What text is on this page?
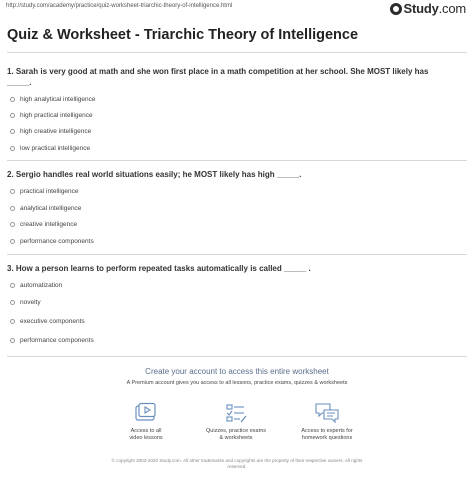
http://study.com/academy/practice/quiz-worksheet-triarchic-theory-of-intelligence.html	Study.com
Quiz & Worksheet - Triarchic Theory of Intelligence
1. Sarah is very good at math and she won first place in a math competition at her school. She MOST likely has
_____.
high analytical intelligence
high practical intelligence
high creative intelligence
low practical intelligence
2. Sergio handles real world situations easily; he MOST likely has high _____.
practical intelligence
analytical intelligence
creative intelligence
performance components
3. How a person learns to perform repeated tasks automatically is called _____ .
automatization
novelty
executive components
performance components
Create your account to access this entire worksheet
A Premium account gives you access to all lessons, practice exams, quizzes & worksheets
Access to all
video lessons
Quizzes, practice exams
& worksheets
Access to experts for
homework questions
© copyright 2003-2020 Study.com. All other trademarks and copyrights are the property of their respective owners. All rights
reserved.
